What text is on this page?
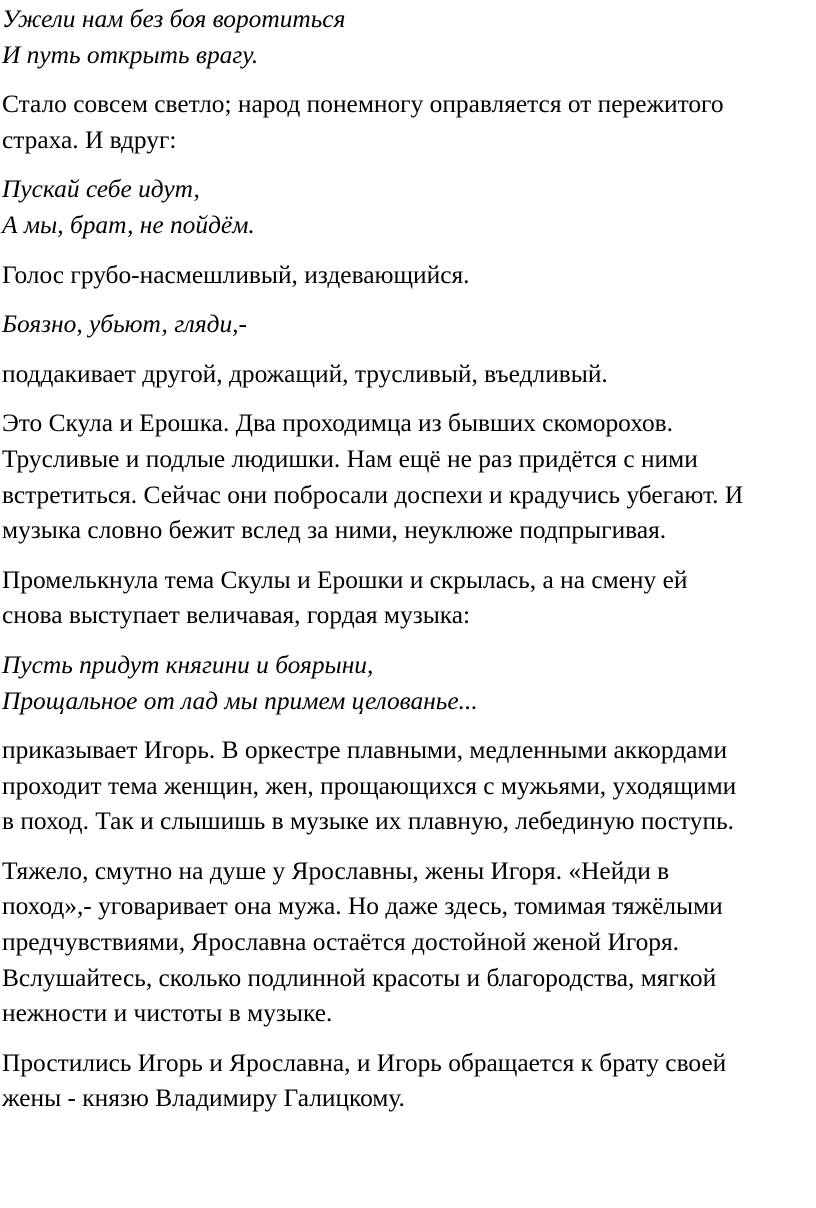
Ужели нам без боя воротиться
И путь открыть врагу.
Стало совсем светло; народ понемногу оправляется от пережитого
страха. И вдруг:
Пускай себе идут,
А мы, брат, не пойдём.
Голос грубо-насмешливый, издевающийся.
Боязно, убьют, гляди,-
поддакивает другой, дрожащий, трусливый, въедливый.
Это Скула и Ерошка. Два проходимца из бывших скоморохов.
Трусливые и подлые людишки. Нам ещё не раз придётся с ними
встретиться. Сейчас они побросали доспехи и крадучись убегают. И
музыка словно бежит вслед за ними, неуклюже подпрыгивая.
Промелькнула тема Скулы и Ерошки и скрылась, а на смену ей
снова выступает величавая, гордая музыка:
Пусть придут княгини и боярыни,
Прощальное от лад мы примем целованье...
приказывает Игорь. В оркестре плавными, медленными аккордами
проходит тема женщин, жен, прощающихся с мужьями, уходящими
в поход. Так и слышишь в музыке их плавную, лебединую поступь.
Тяжело, смутно на душе у Ярославны, жены Игоря. «Нейди в
поход»,- уговаривает она мужа. Но даже здесь, томимая тяжёлыми
предчувствиями, Ярославна остаётся достойной женой Игоря.
Вслушайтесь, сколько подлинной красоты и благородства, мягкой
нежности и чистоты в музыке.
Простились Игорь и Ярославна, и Игорь обращается к брату своей
жены - князю Владимиру Галицкому.
